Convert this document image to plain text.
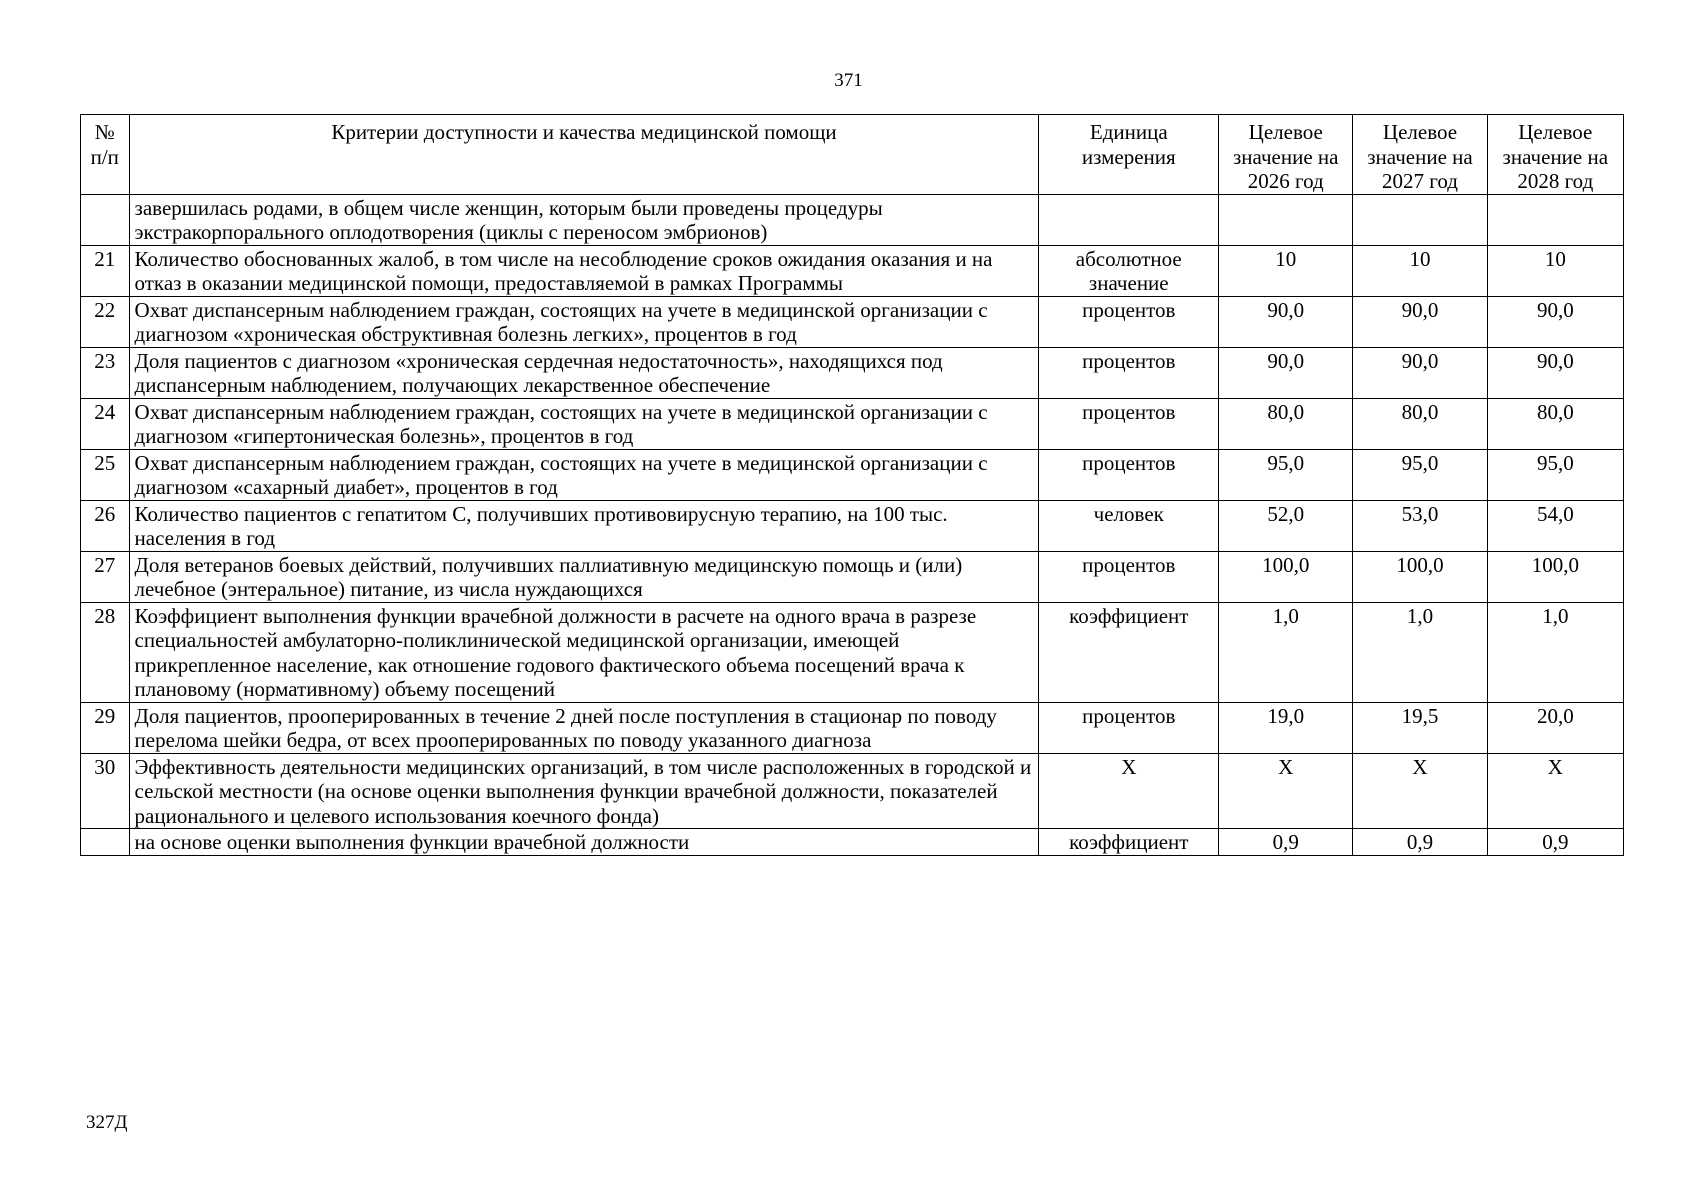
371
№ п/п	Критерии доступности и качества медицинской помощи	Единица измерения	Целевое значение на 2026 год	Целевое значение на 2027 год	Целевое значение на 2028 год
	завершилась родами, в общем числе женщин, которым были проведены процедуры экстракорпорального оплодотворения (циклы с переносом эмбрионов)				
21	Количество обоснованных жалоб, в том числе на несоблюдение сроков ожидания оказания и на отказ в оказании медицинской помощи, предоставляемой в рамках Программы	абсолютное значение	10	10	10
22	Охват диспансерным наблюдением граждан, состоящих на учете в медицинской организации с диагнозом «хроническая обструктивная болезнь легких», процентов в год	процентов	90,0	90,0	90,0
23	Доля пациентов с диагнозом «хроническая сердечная недостаточность», находящихся под диспансерным наблюдением, получающих лекарственное обеспечение	процентов	90,0	90,0	90,0
24	Охват диспансерным наблюдением граждан, состоящих на учете в медицинской организации с диагнозом «гипертоническая болезнь», процентов в год	процентов	80,0	80,0	80,0
25	Охват диспансерным наблюдением граждан, состоящих на учете в медицинской организации с диагнозом «сахарный диабет», процентов в год	процентов	95,0	95,0	95,0
26	Количество пациентов с гепатитом С, получивших противовирусную терапию, на 100 тыс. населения в год	человек	52,0	53,0	54,0
27	Доля ветеранов боевых действий, получивших паллиативную медицинскую помощь и (или) лечебное (энтеральное) питание, из числа нуждающихся	процентов	100,0	100,0	100,0
28	Коэффициент выполнения функции врачебной должности в расчете на одного врача в разрезе специальностей амбулаторно-поликлинической медицинской организации, имеющей прикрепленное население, как отношение годового фактического объема посещений врача к плановому (нормативному) объему посещений	коэффициент	1,0	1,0	1,0
29	Доля пациентов, прооперированных в течение 2 дней после поступления в стационар по поводу перелома шейки бедра, от всех прооперированных по поводу указанного диагноза	процентов	19,0	19,5	20,0
30	Эффективность деятельности медицинских организаций, в том числе расположенных в городской и сельской местности (на основе оценки выполнения функции врачебной должности, показателей рационального и целевого использования коечного фонда)	X	X	X	X
	на основе оценки выполнения функции врачебной должности	коэффициент	0,9	0,9	0,9
327Д
